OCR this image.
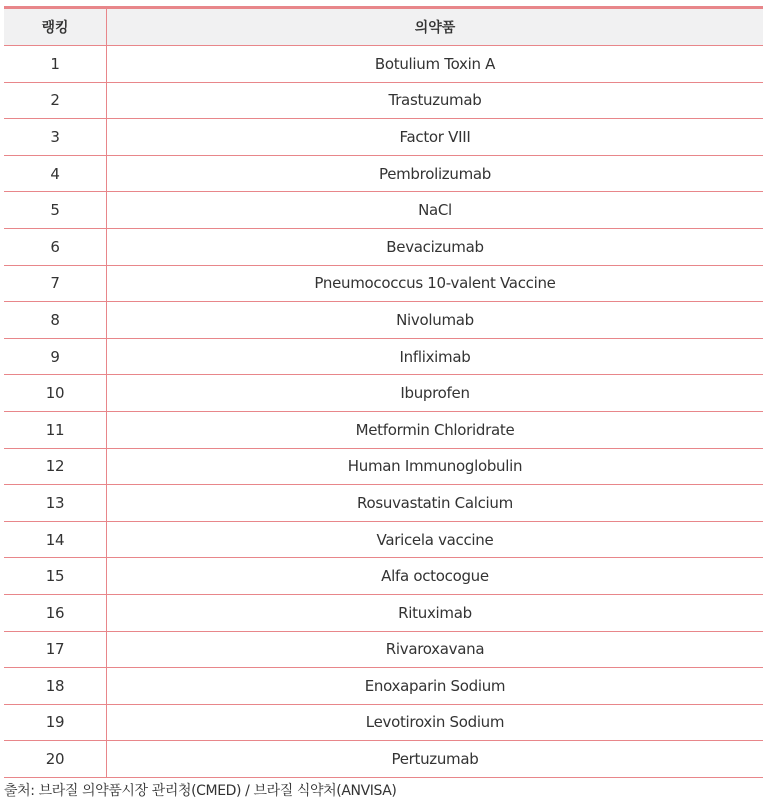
랭킹	의약품
1	Botulium Toxin A
2	Trastuzumab
3	Factor VIII
4	Pembrolizumab
5	NaCl
6	Bevacizumab
7	Pneumococcus 10-valent Vaccine
8	Nivolumab
9	Infliximab
10	Ibuprofen
11	Metformin Chloridrate
12	Human Immunoglobulin
13	Rosuvastatin Calcium
14	Varicela vaccine
15	Alfa octocogue
16	Rituximab
17	Rivaroxavana
18	Enoxaparin Sodium
19	Levotiroxin Sodium
20	Pertuzumab
출처: 브라질 의약품시장 관리청(CMED) / 브라질 식약처(ANVISA)
